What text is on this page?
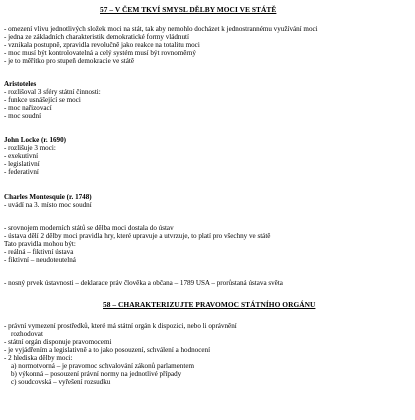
57 – V ČEM TKVÍ SMYSL DĚLBY MOCI VE STÁTĚ
- omezení vlivu jednotlivých složek moci na stát, tak aby nemohlo docházet k jednostrannému využívání moci
- jedna ze základních charakteristik demokratické formy vládnutí
- vznikala postupně, zpravidla revolučně jako reakce na totalitu moci
- moc musí být kontrolovatelná a celý systém musí být rovnoměrný
- je to měřítko pro stupeň demokracie ve státě
Aristoteles
- rozlišoval 3 sféry státní činnosti:
- funkce usnášející se moci
- moc nařizovací
- moc soudní
John Locke (r. 1690)
- rozlišuje 3 moci:
- exekutivní
- legislativní
- federativní
Charles Montesquie (r. 1748)
- uvádí na 3. místo moc soudní
- srovnojem moderních států se dělba moci dostala do ústav
- ústava dělí 2 dělby moci pravidla hry, které upravuje a utvrzuje, to platí pro všechny ve státě
Tato pravidla mohou být:
- reálná – fiktivní ústava
- fiktivní – neudoteutelná
- nosný prvek ústavnosti – deklarace práv člověka a občana – 1789 USA – prorůstaná ústava světa
58 – CHARAKTERIZUJTE PRAVOMOC STÁTNÍHO ORGÁNU
- právní vymezení prostředků, které má státní orgán k dispozici, nebo li oprávnění
rozhodovat
- státní orgán disponuje pravomocemi
- je vyjádřením a legislativně a to jako posouzení, schválení a hodnocení
- 2 hlediska dělby moci:
a) normotvorná – je pravomoc schvalování zákonů parlamentem
b) výkonná – posouzení právní normy na jednotlivé případy
c) soudcovská – vyřešení rozsudku
